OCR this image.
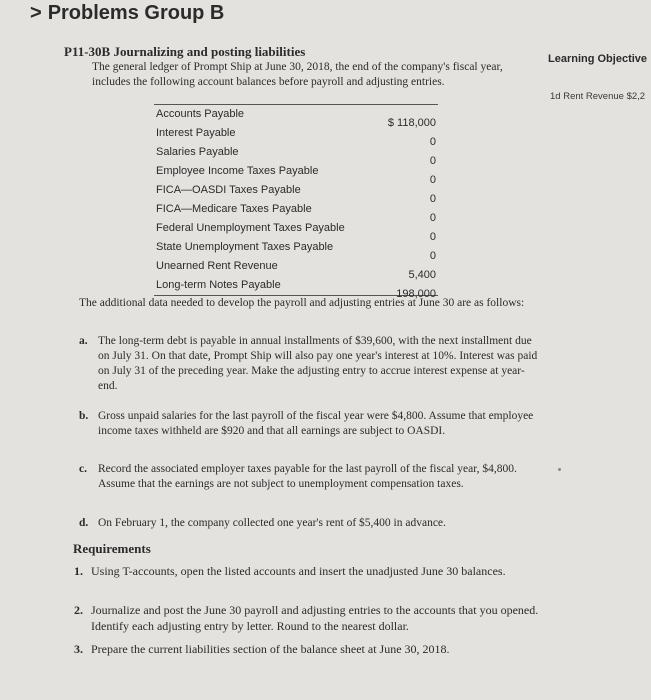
> Problems Group B
Learning Objective
1d Rent Revenue $2,2
P11-30B Journalizing and posting liabilities
The general ledger of Prompt Ship at June 30, 2018, the end of the company's fiscal year, includes the following account balances before payroll and adjusting entries.
Accounts Payable
$ 118,000
Interest Payable
0
Salaries Payable
0
Employee Income Taxes Payable
0
FICA—OASDI Taxes Payable
0
FICA—Medicare Taxes Payable
0
Federal Unemployment Taxes Payable
0
State Unemployment Taxes Payable
0
Unearned Rent Revenue
5,400
Long-term Notes Payable
198,000
The additional data needed to develop the payroll and adjusting entries at June 30 are as follows:
a. The long-term debt is payable in annual installments of $39,600, with the next installment due on July 31. On that date, Prompt Ship will also pay one year's interest at 10%. Interest was paid on July 31 of the preceding year. Make the adjusting entry to accrue interest expense at year-end.
b. Gross unpaid salaries for the last payroll of the fiscal year were $4,800. Assume that employee income taxes withheld are $920 and that all earnings are subject to OASDI.
c. Record the associated employer taxes payable for the last payroll of the fiscal year, $4,800. Assume that the earnings are not subject to unemployment compensation taxes.
d. On February 1, the company collected one year's rent of $5,400 in advance.
Requirements
1. Using T-accounts, open the listed accounts and insert the unadjusted June 30 balances.
2. Journalize and post the June 30 payroll and adjusting entries to the accounts that you opened. Identify each adjusting entry by letter. Round to the nearest dollar.
3. Prepare the current liabilities section of the balance sheet at June 30, 2018.
